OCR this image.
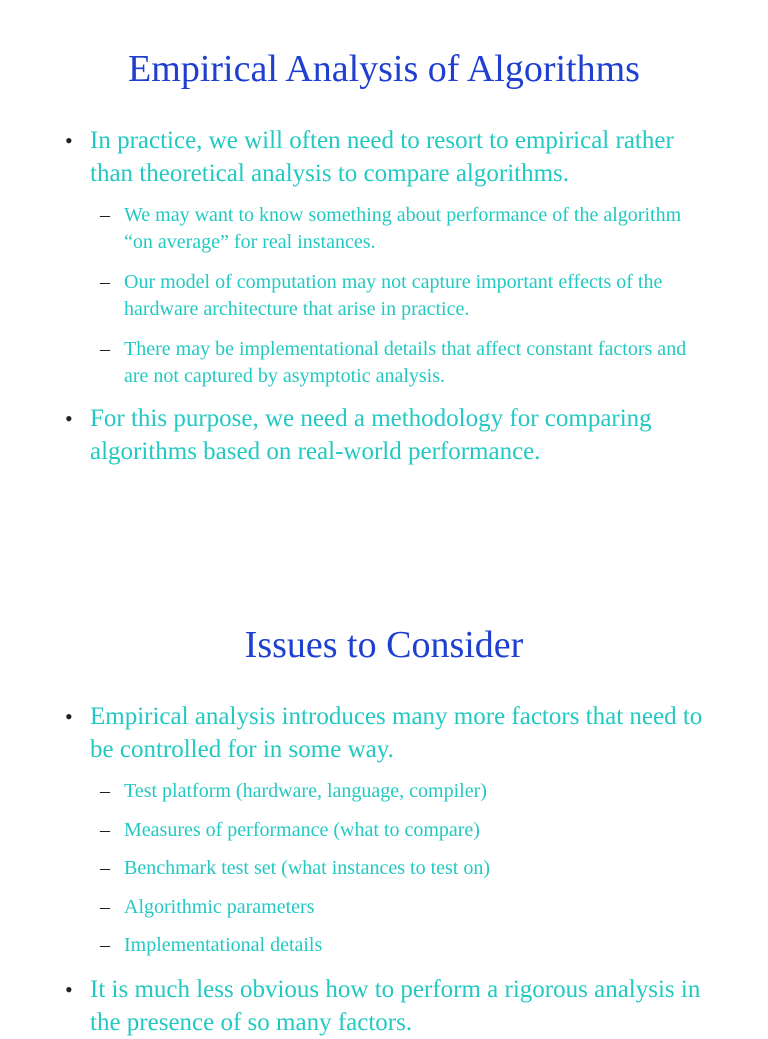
Empirical Analysis of Algorithms
• In practice, we will often need to resort to empirical rather than theoretical analysis to compare algorithms.
– We may want to know something about performance of the algorithm “on average” for real instances.
– Our model of computation may not capture important effects of the hardware architecture that arise in practice.
– There may be implementational details that affect constant factors and are not captured by asymptotic analysis.
• For this purpose, we need a methodology for comparing algorithms based on real-world performance.
Issues to Consider
• Empirical analysis introduces many more factors that need to be controlled for in some way.
– Test platform (hardware, language, compiler)
– Measures of performance (what to compare)
– Benchmark test set (what instances to test on)
– Algorithmic parameters
– Implementational details
• It is much less obvious how to perform a rigorous analysis in the presence of so many factors.
